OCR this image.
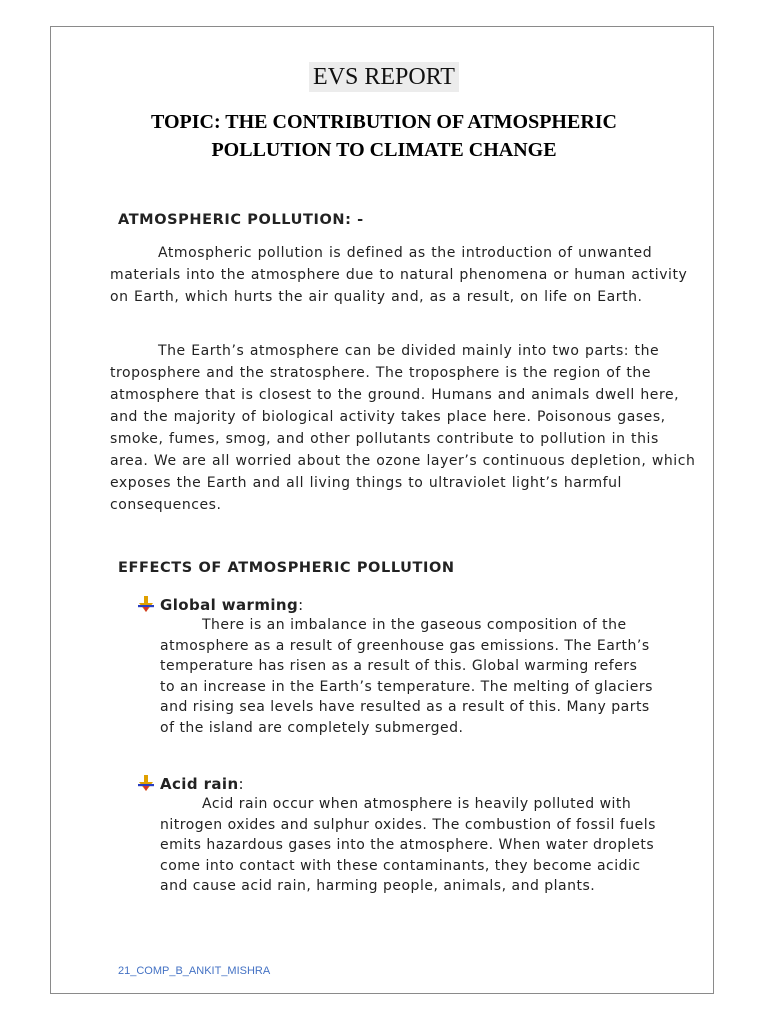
EVS REPORT
TOPIC: THE CONTRIBUTION OF ATMOSPHERIC POLLUTION TO CLIMATE CHANGE
ATMOSPHERIC POLLUTION: -

Atmospheric pollution is defined as the introduction of unwanted materials into the atmosphere due to natural phenomena or human activity on Earth, which hurts the air quality and, as a result, on life on Earth.

The Earth’s atmosphere can be divided mainly into two parts: the troposphere and the stratosphere. The troposphere is the region of the atmosphere that is closest to the ground. Humans and animals dwell here, and the majority of biological activity takes place here. Poisonous gases, smoke, fumes, smog, and other pollutants contribute to pollution in this area. We are all worried about the ozone layer’s continuous depletion, which exposes the Earth and all living things to ultraviolet light’s harmful consequences.

EFFECTS OF ATMOSPHERIC POLLUTION
Global warming :

There is an imbalance in the gaseous composition of the atmosphere as a result of greenhouse gas emissions. The Earth’s temperature has risen as a result of this. Global warming refers to an increase in the Earth’s temperature. The melting of glaciers and rising sea levels have resulted as a result of this. Many parts of the island are completely submerged.

Acid rain :

Acid rain occur when atmosphere is heavily polluted with nitrogen oxides and sulphur oxides. The combustion of fossil fuels emits hazardous gases into the atmosphere. When water droplets come into contact with these contaminants, they become acidic and cause acid rain, harming people, animals, and plants.

21_COMP_B_ANKIT_MISHRA
